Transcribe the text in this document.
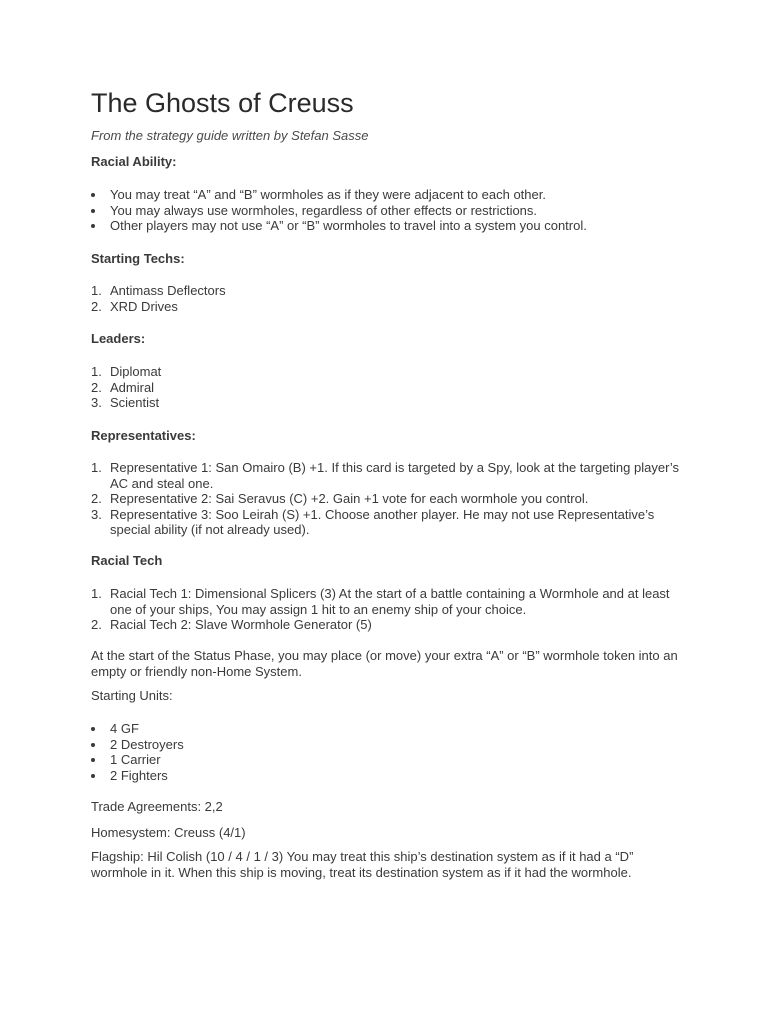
The Ghosts of Creuss
From the strategy guide written by Stefan Sasse
Racial Ability:
You may treat “A” and “B” wormholes as if they were adjacent to each other.
You may always use wormholes, regardless of other effects or restrictions.
Other players may not use “A” or “B” wormholes to travel into a system you control.
Starting Techs:
1. Antimass Deflectors
2. XRD Drives
Leaders:
1. Diplomat
2. Admiral
3. Scientist
Representatives:
1. Representative 1: San Omairo (B) +1. If this card is targeted by a Spy, look at the targeting player’s AC and steal one.
2. Representative 2: Sai Seravus (C) +2. Gain +1 vote for each wormhole you control.
3. Representative 3: Soo Leirah (S) +1. Choose another player. He may not use Representative’s special ability (if not already used).
Racial Tech
1. Racial Tech 1: Dimensional Splicers (3) At the start of a battle containing a Wormhole and at least one of your ships, You may assign 1 hit to an enemy ship of your choice.
2. Racial Tech 2: Slave Wormhole Generator (5)

At the start of the Status Phase, you may place (or move) your extra “A” or “B” wormhole token into an empty or friendly non-Home System.

Starting Units:

4 GF
2 Destroyers
1 Carrier
2 Fighters

Trade Agreements: 2,2

Homesystem: Creuss (4/1)

Flagship: Hil Colish (10 / 4 / 1 / 3) You may treat this ship’s destination system as if it had a “D” wormhole in it. When this ship is moving, treat its destination system as if it had the wormhole.
